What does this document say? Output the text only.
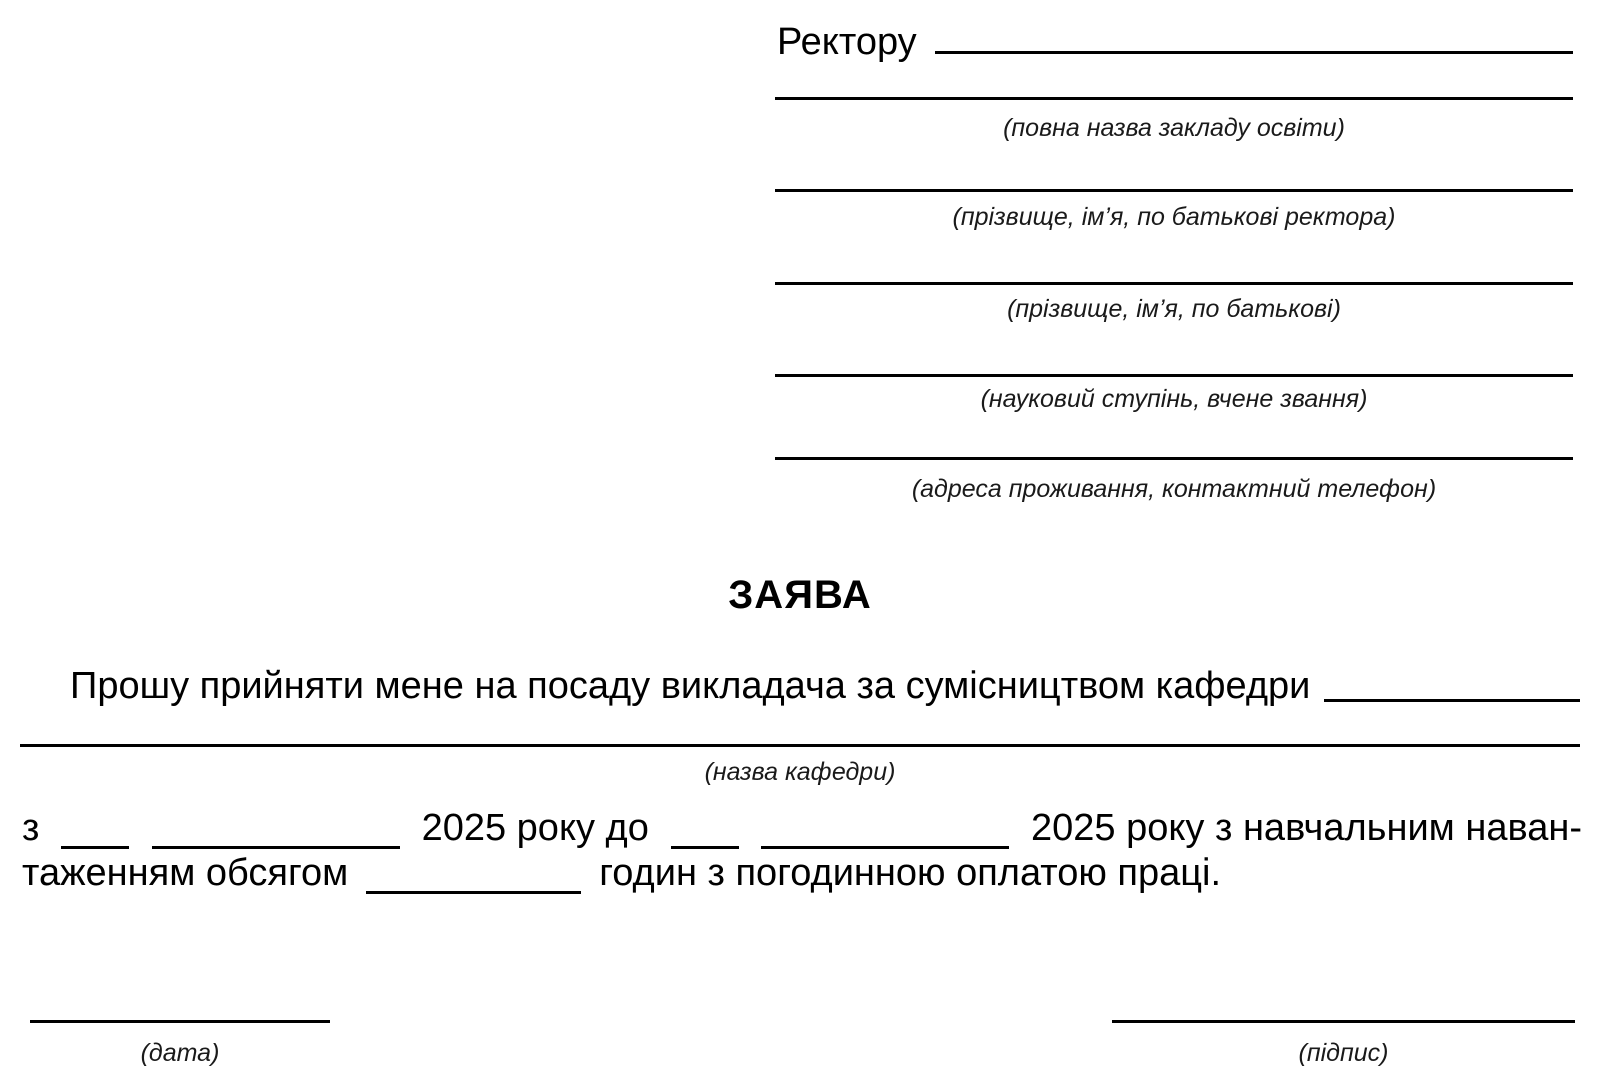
Ректору
(повна назва закладу освіти)
(прізвище, ім’я, по батькові ректора)
(прізвище, ім’я, по батькові)
(науковий ступінь, вчене звання)
(адреса проживання, контактний телефон)
ЗАЯВА
Прошу прийняти мене на посаду викладача за сумісництвом кафедри
(назва кафедри)
з	2025 року до	2025 року з навчальним наван-
таженням обсягом	годин з погодинною оплатою праці.
(дата)	(підпис)
